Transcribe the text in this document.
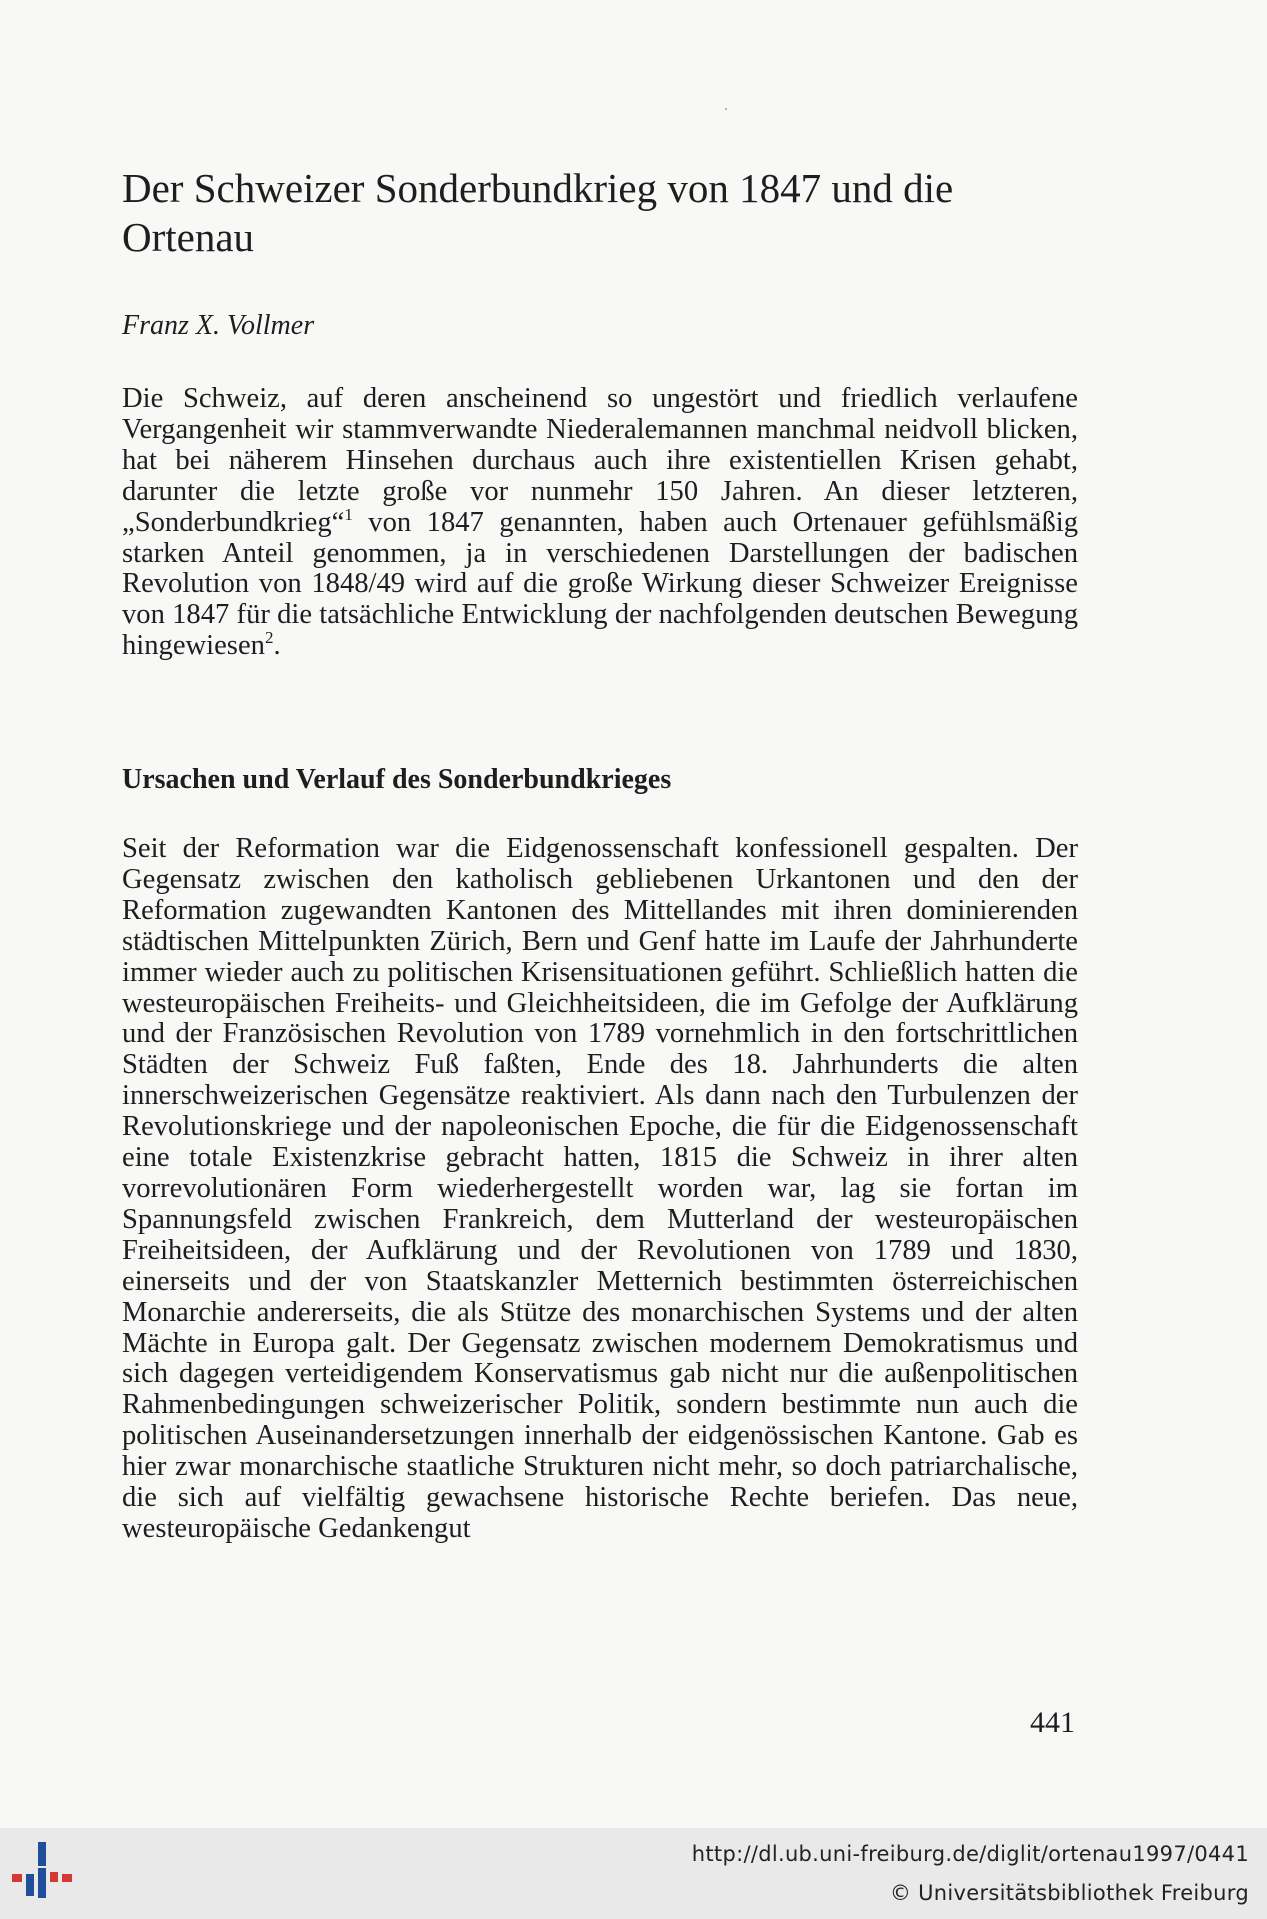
Der Schweizer Sonderbundkrieg von 1847 und die Ortenau

Franz X. Vollmer

Die Schweiz, auf deren anscheinend so ungestört und friedlich verlaufene Vergangenheit wir stammverwandte Niederalemannen manchmal neidvoll blicken, hat bei näherem Hinsehen durchaus auch ihre existentiellen Krisen gehabt, darunter die letzte große vor nunmehr 150 Jahren. An dieser letzteren, „Sonderbundkrieg“$^1$ von 1847 genannten, haben auch Ortenauer gefühlsmäßig starken Anteil genommen, ja in verschiedenen Darstellungen der badischen Revolution von 1848/49 wird auf die große Wirkung dieser Schweizer Ereignisse von 1847 für die tatsächliche Entwicklung der nachfolgenden deutschen Bewegung hingewiesen$^2$.

Ursachen und Verlauf des Sonderbundkrieges

Seit der Reformation war die Eidgenossenschaft konfessionell gespalten. Der Gegensatz zwischen den katholisch gebliebenen Urkantonen und den der Reformation zugewandten Kantonen des Mittellandes mit ihren dominierenden städtischen Mittelpunkten Zürich, Bern und Genf hatte im Laufe der Jahrhunderte immer wieder auch zu politischen Krisensituationen geführt. Schließlich hatten die westeuropäischen Freiheits- und Gleichheitsideen, die im Gefolge der Aufklärung und der Französischen Revolution von 1789 vornehmlich in den fortschrittlichen Städten der Schweiz Fuß faßten, Ende des 18. Jahrhunderts die alten innerschweizerischen Gegensätze reaktiviert. Als dann nach den Turbulenzen der Revolutionskriege und der napoleonischen Epoche, die für die Eidgenossenschaft eine totale Existenzkrise gebracht hatten, 1815 die Schweiz in ihrer alten vorrevolutionären Form wiederhergestellt worden war, lag sie fortan im Spannungsfeld zwischen Frankreich, dem Mutterland der westeuropäischen Freiheitsideen, der Aufklärung und der Revolutionen von 1789 und 1830, einerseits und der von Staatskanzler Metternich bestimmten österreichischen Monarchie andererseits, die als Stütze des monarchischen Systems und der alten Mächte in Europa galt. Der Gegensatz zwischen modernem Demokratismus und sich dagegen verteidigendem Konservatismus gab nicht nur die außenpolitischen Rahmenbedingungen schweizerischer Politik, sondern bestimmte nun auch die politischen Auseinandersetzungen innerhalb der eidgenössischen Kantone. Gab es hier zwar monarchische staatliche Strukturen nicht mehr, so doch patriarchalische, die sich auf vielfältig gewachsene historische Rechte beriefen. Das neue, westeuropäische Gedankengut

441

http://dl.ub.uni-freiburg.de/diglit/ortenau1997/0441
© Universitätsbibliothek Freiburg
